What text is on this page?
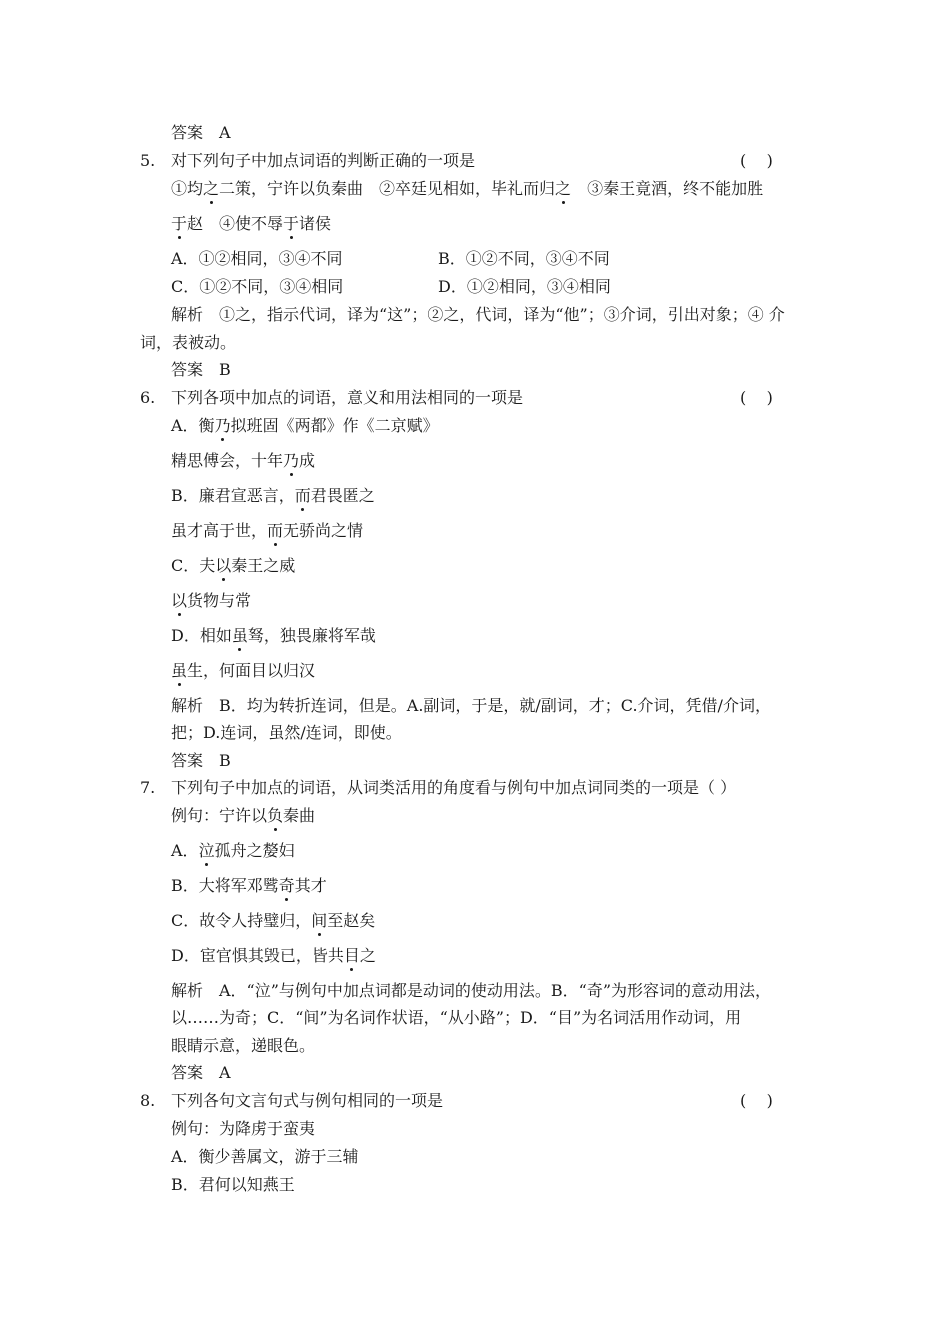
答案 A
5. 对下列句子中加点词语的判断正确的一项是	(    )
①均之二策，宁许以负秦曲　②卒廷见相如，毕礼而归之　③秦王竟酒，终不能加胜
于赵　④使不辱于诸侯
A．①②相同，③④不同	B．①②不同，③④不同
C．①②不同，③④相同	D．①②相同，③④相同
解析　①之，指示代词，译为“这”；②之，代词，译为“他”；③介词，引出对象；④ 介
词，表被动。
答案 B
6. 下列各项中加点的词语，意义和用法相同的一项是	(    )
A．衡乃拟班固《两都》作《二京赋》
精思傅会，十年乃成
B．廉君宣恶言，而君畏匿之
虽才高于世，而无骄尚之情
C．夫以秦王之威
以货物与常
D．相如虽驽，独畏廉将军哉
虽生，何面目以归汉
解析　B．均为转折连词，但是。A.副词，于是，就/副词，才；C.介词，凭借/介词，
把；D.连词，虽然/连词，即使。
答案 B
7. 下列句子中加点的词语，从词类活用的角度看与例句中加点词同类的一项是（ ）
例句：宁许以负秦曲
A．泣孤舟之嫠妇
B．大将军邓骘奇其才
C．故令人持璧归，间至赵矣
D．宦官惧其毁已，皆共目之
解析　A．“泣”与例句中加点词都是动词的使动用法。B．“奇”为形容词的意动用法，
以……为奇；C．“间”为名词作状语，“从小路”；D．“目”为名词活用作动词，用
眼睛示意，递眼色。
答案 A
8. 下列各句文言句式与例句相同的一项是	(    )
例句：为降虏于蛮夷
A．衡少善属文，游于三辅
B．君何以知燕王
